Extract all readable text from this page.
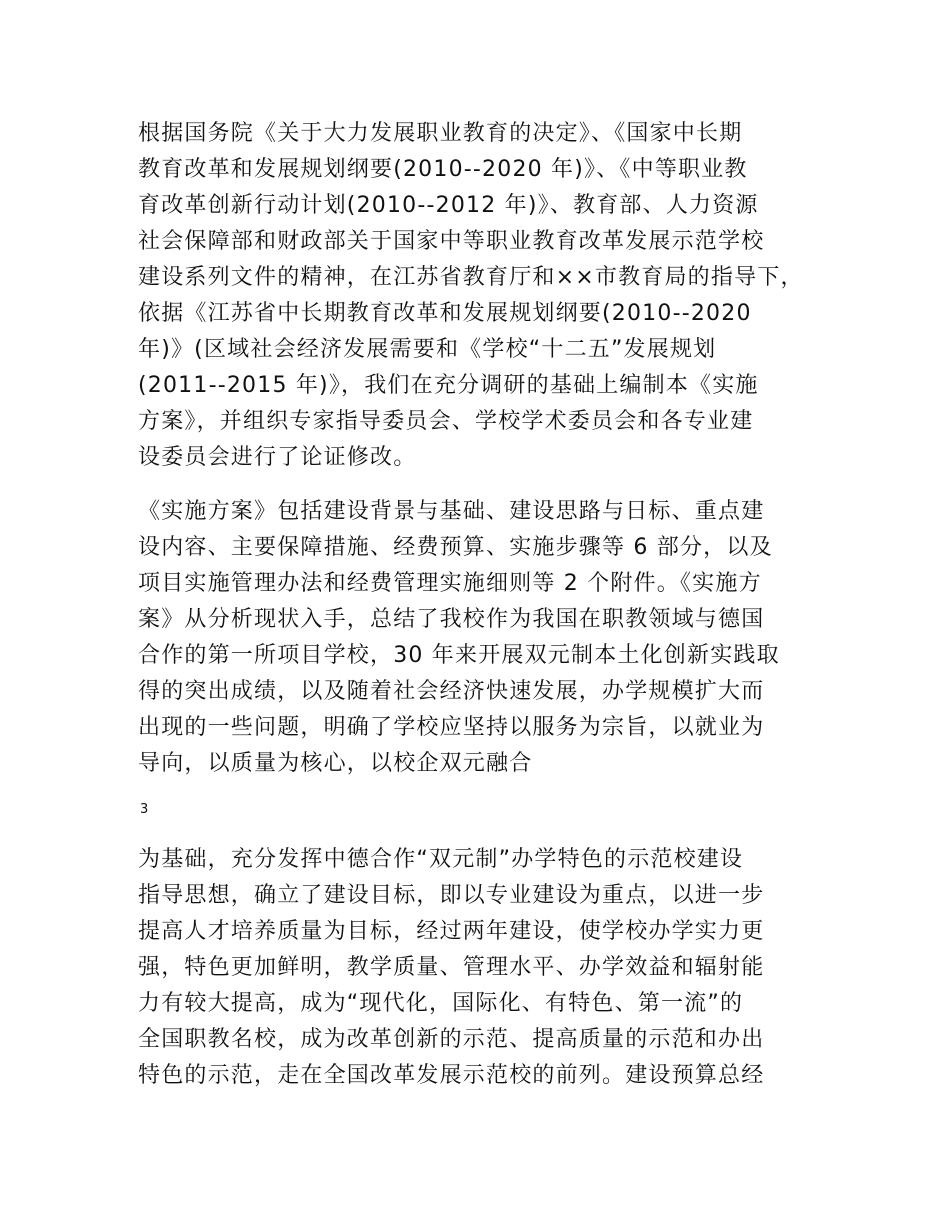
根据国务院《关于大力发展职业教育的决定》、《国家中长期
教育改革和发展规划纲要(2010--2020 年)》、《中等职业教
育改革创新行动计划(2010--2012 年)》、教育部、人力资源
社会保障部和财政部关于国家中等职业教育改革发展示范学校
建设系列文件的精神，在江苏省教育厅和××市教育局的指导下，
依据《江苏省中长期教育改革和发展规划纲要(2010--2020
年)》(区域社会经济发展需要和《学校“十二五”发展规划
(2011--2015 年)》，我们在充分调研的基础上编制本《实施
方案》，并组织专家指导委员会、学校学术委员会和各专业建
设委员会进行了论证修改。
《实施方案》包括建设背景与基础、建设思路与日标、重点建
设内容、主要保障措施、经费预算、实施步骤等 6 部分，以及
项目实施管理办法和经费管理实施细则等 2 个附件。《实施方
案》从分析现状入手，总结了我校作为我国在职教领域与德国
合作的第一所项目学校，30 年来开展双元制本土化创新实践取
得的突出成绩，以及随着社会经济快速发展，办学规模扩大而
出现的一些问题，明确了学校应坚持以服务为宗旨，以就业为
导向，以质量为核心，以校企双元融合
3
为基础，充分发挥中德合作“双元制”办学特色的示范校建设
指导思想，确立了建设目标，即以专业建设为重点，以进一步
提高人才培养质量为目标，经过两年建设，使学校办学实力更
强，特色更加鲜明，教学质量、管理水平、办学效益和辐射能
力有较大提高，成为“现代化，国际化、有特色、第一流”的
全国职教名校，成为改革创新的示范、提高质量的示范和办出
特色的示范，走在全国改革发展示范校的前列。建设预算总经
